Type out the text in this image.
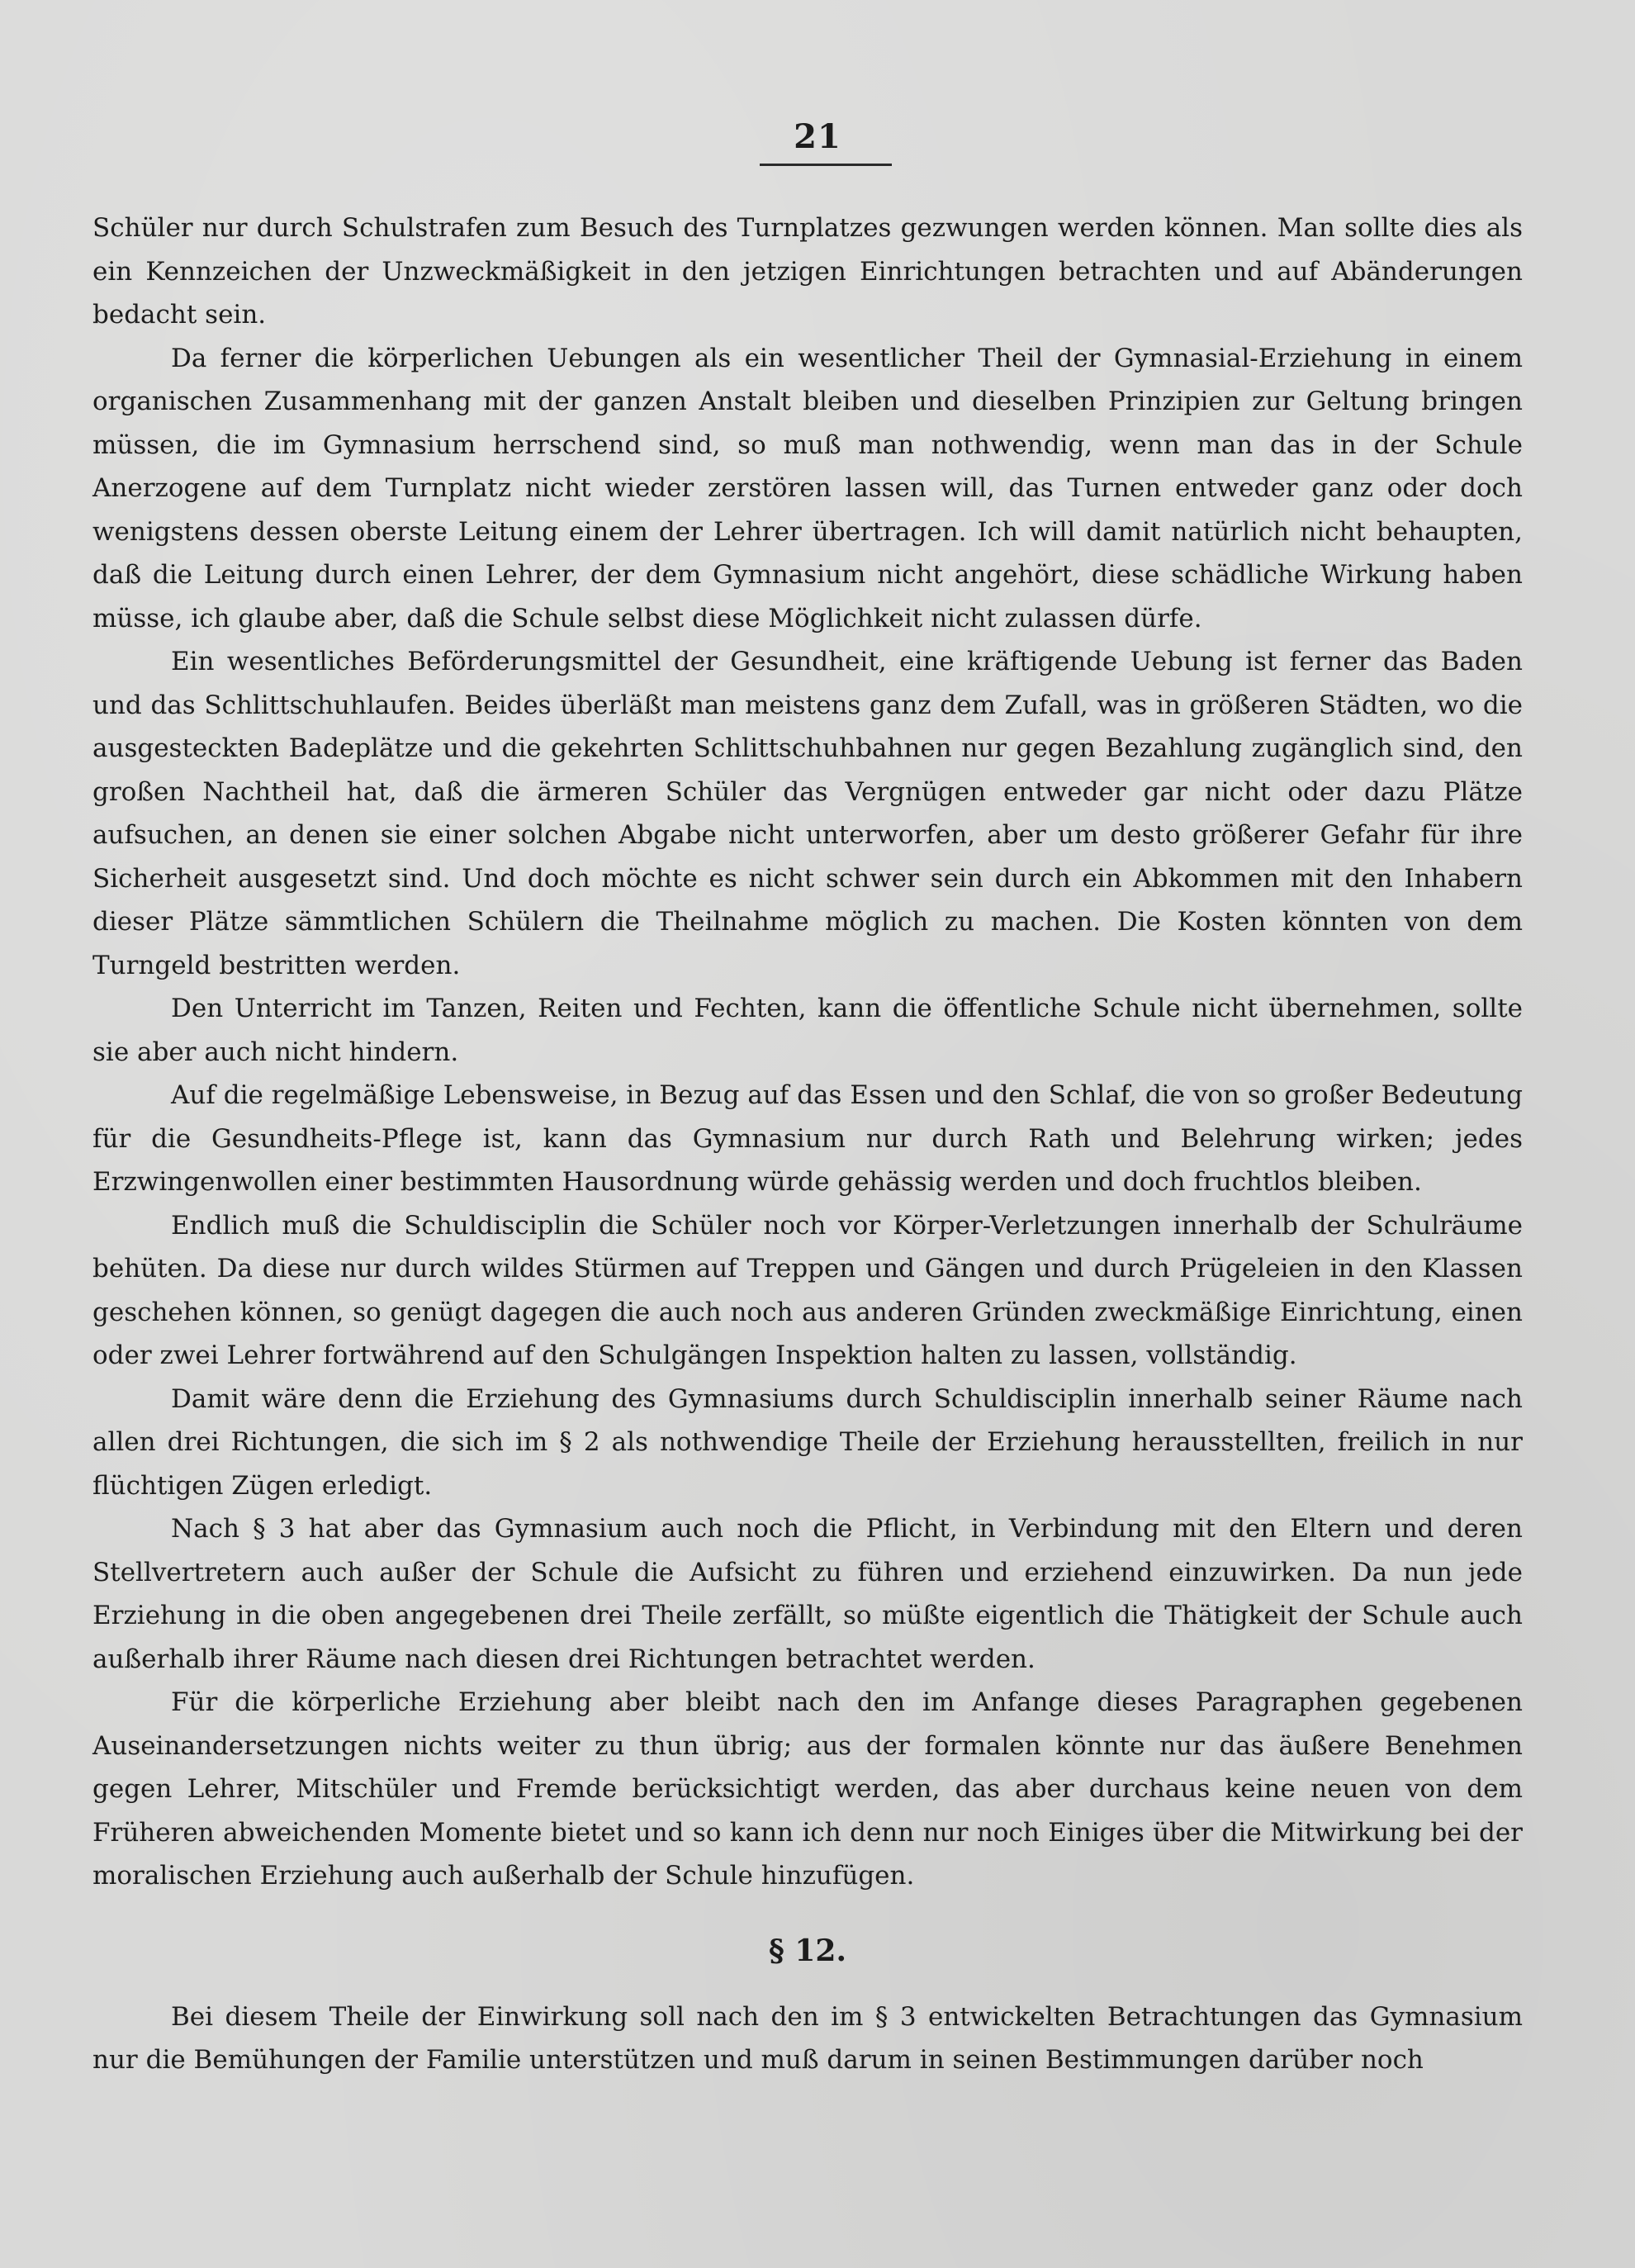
21

Schüler nur durch Schulstrafen zum Besuch des Turnplatzes gezwungen werden können. Man sollte dies als ein Kennzeichen der Unzweckmäßigkeit in den jetzigen Einrichtungen betrachten und auf Abänderungen bedacht sein.

Da ferner die körperlichen Uebungen als ein wesentlicher Theil der Gymnasial-Erziehung in einem organischen Zusammenhang mit der ganzen Anstalt bleiben und dieselben Prinzipien zur Geltung bringen müssen, die im Gymnasium herrschend sind, so muß man nothwendig, wenn man das in der Schule Anerzogene auf dem Turnplatz nicht wieder zerstören lassen will, das Turnen entweder ganz oder doch wenigstens dessen oberste Leitung einem der Lehrer übertragen. Ich will damit natürlich nicht behaupten, daß die Leitung durch einen Lehrer, der dem Gymnasium nicht angehört, diese schädliche Wirkung haben müsse, ich glaube aber, daß die Schule selbst diese Möglichkeit nicht zulassen dürfe.

Ein wesentliches Beförderungsmittel der Gesundheit, eine kräftigende Uebung ist ferner das Baden und das Schlittschuhlaufen. Beides überläßt man meistens ganz dem Zufall, was in größeren Städten, wo die ausgesteckten Badeplätze und die gekehrten Schlittschuhbahnen nur gegen Bezahlung zugänglich sind, den großen Nachtheil hat, daß die ärmeren Schüler das Vergnügen entweder gar nicht oder dazu Plätze aufsuchen, an denen sie einer solchen Abgabe nicht unterworfen, aber um desto größerer Gefahr für ihre Sicherheit ausgesetzt sind. Und doch möchte es nicht schwer sein durch ein Abkommen mit den Inhabern dieser Plätze sämmtlichen Schülern die Theilnahme möglich zu machen. Die Kosten könnten von dem Turngeld bestritten werden.

Den Unterricht im Tanzen, Reiten und Fechten, kann die öffentliche Schule nicht übernehmen, sollte sie aber auch nicht hindern.

Auf die regelmäßige Lebensweise, in Bezug auf das Essen und den Schlaf, die von so großer Bedeutung für die Gesundheits-Pflege ist, kann das Gymnasium nur durch Rath und Belehrung wirken; jedes Erzwingenwollen einer bestimmten Hausordnung würde gehässig werden und doch fruchtlos bleiben.

Endlich muß die Schuldisciplin die Schüler noch vor Körper-Verletzungen innerhalb der Schulräume behüten. Da diese nur durch wildes Stürmen auf Treppen und Gängen und durch Prügeleien in den Klassen geschehen können, so genügt dagegen die auch noch aus anderen Gründen zweckmäßige Einrichtung, einen oder zwei Lehrer fortwährend auf den Schulgängen Inspektion halten zu lassen, vollständig.

Damit wäre denn die Erziehung des Gymnasiums durch Schuldisciplin innerhalb seiner Räume nach allen drei Richtungen, die sich im § 2 als nothwendige Theile der Erziehung herausstellten, freilich in nur flüchtigen Zügen erledigt.

Nach § 3 hat aber das Gymnasium auch noch die Pflicht, in Verbindung mit den Eltern und deren Stellvertretern auch außer der Schule die Aufsicht zu führen und erziehend einzuwirken. Da nun jede Erziehung in die oben angegebenen drei Theile zerfällt, so müßte eigentlich die Thätigkeit der Schule auch außerhalb ihrer Räume nach diesen drei Richtungen betrachtet werden.

Für die körperliche Erziehung aber bleibt nach den im Anfange dieses Paragraphen gegebenen Auseinandersetzungen nichts weiter zu thun übrig; aus der formalen könnte nur das äußere Benehmen gegen Lehrer, Mitschüler und Fremde berücksichtigt werden, das aber durchaus keine neuen von dem Früheren abweichenden Momente bietet und so kann ich denn nur noch Einiges über die Mitwirkung bei der moralischen Erziehung auch außerhalb der Schule hinzufügen.

§ 12.

Bei diesem Theile der Einwirkung soll nach den im § 3 entwickelten Betrachtungen das Gymnasium nur die Bemühungen der Familie unterstützen und muß darum in seinen Bestimmungen darüber noch
